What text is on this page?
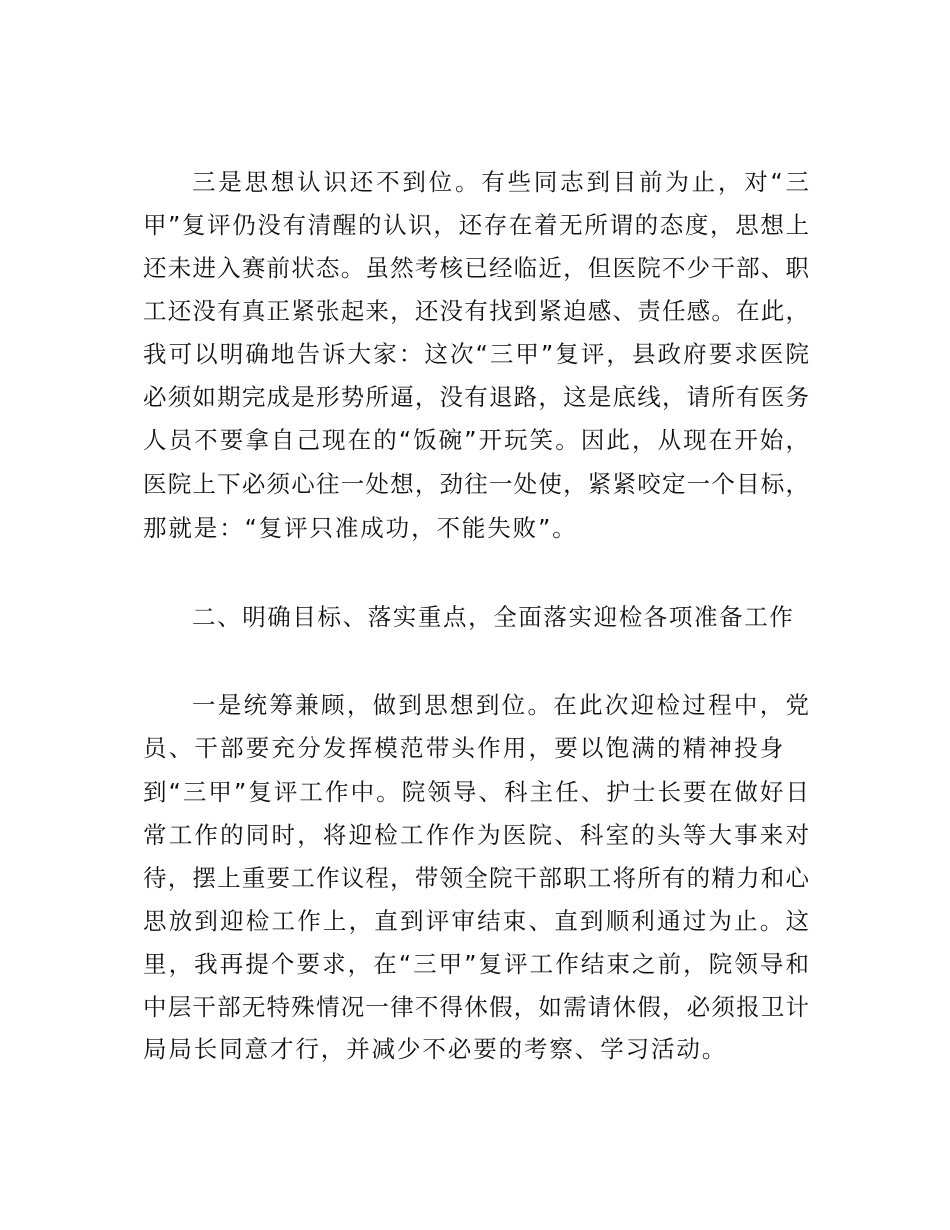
三是思想认识还不到位。有些同志到目前为止，对“三
甲”复评仍没有清醒的认识，还存在着无所谓的态度，思想上
还未进入赛前状态。虽然考核已经临近，但医院不少干部、职
工还没有真正紧张起来，还没有找到紧迫感、责任感。在此，
我可以明确地告诉大家：这次“三甲”复评，县政府要求医院
必须如期完成是形势所逼，没有退路，这是底线，请所有医务
人员不要拿自己现在的“饭碗”开玩笑。因此，从现在开始，
医院上下必须心往一处想，劲往一处使，紧紧咬定一个目标，
那就是：“复评只准成功，不能失败”。
二、明确目标、落实重点，全面落实迎检各项准备工作
一是统筹兼顾，做到思想到位。在此次迎检过程中，党
员、干部要充分发挥模范带头作用，要以饱满的精神投身
到“三甲”复评工作中。院领导、科主任、护士长要在做好日
常工作的同时，将迎检工作作为医院、科室的头等大事来对
待，摆上重要工作议程，带领全院干部职工将所有的精力和心
思放到迎检工作上，直到评审结束、直到顺利通过为止。这
里，我再提个要求，在“三甲”复评工作结束之前，院领导和
中层干部无特殊情况一律不得休假，如需请休假，必须报卫计
局局长同意才行，并减少不必要的考察、学习活动。
